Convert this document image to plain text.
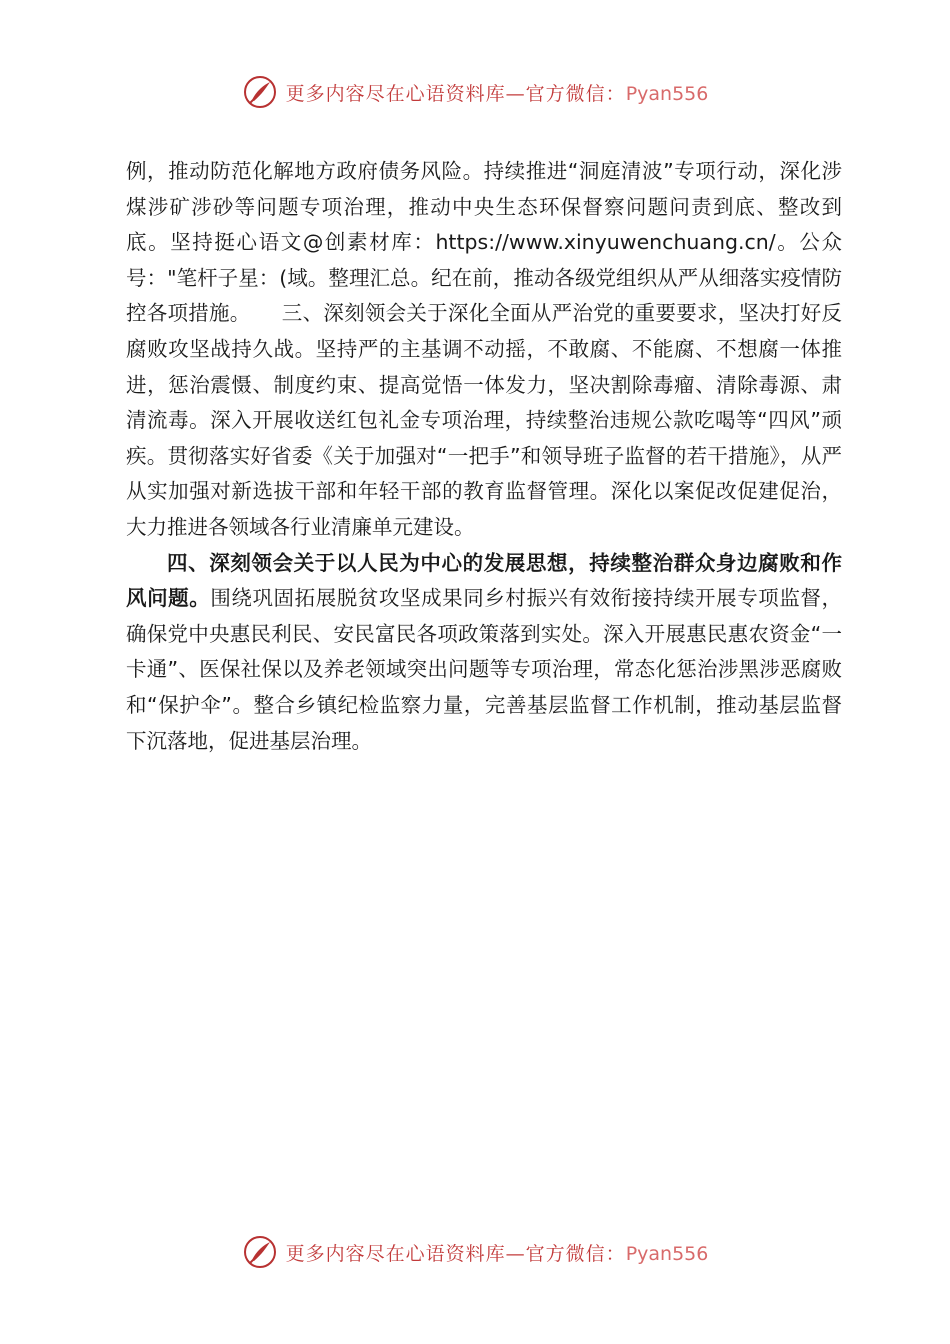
更多内容尽在心语资料库—官方微信：Pyan556

例，推动防范化解地方政府债务风险。持续推进“洞庭清波”专项行动，深化涉煤涉矿涉砂等问题专项治理，推动中央生态环保督察问题问责到底、整改到底。坚持挺心语文@创素材库：https://www.xinyuwenchuang.cn/。公众号："笔杆子星：(域。整理汇总。纪在前，推动各级党组织从严从细落实疫情防控各项措施。　　三、深刻领会关于深化全面从严治党的重要要求，坚决打好反腐败攻坚战持久战。坚持严的主基调不动摇，不敢腐、不能腐、不想腐一体推进，惩治震慑、制度约束、提高觉悟一体发力，坚决割除毒瘤、清除毒源、肃清流毒。深入开展收送红包礼金专项治理，持续整治违规公款吃喝等“四风”顽疾。贯彻落实好省委《关于加强对“一把手”和领导班子监督的若干措施》，从严从实加强对新选拔干部和年轻干部的教育监督管理。深化以案促改促建促治，大力推进各领域各行业清廉单元建设。

四、深刻领会关于以人民为中心的发展思想，持续整治群众身边腐败和作风问题。围绕巩固拓展脱贫攻坚成果同乡村振兴有效衔接持续开展专项监督，确保党中央惠民利民、安民富民各项政策落到实处。深入开展惠民惠农资金“一卡通”、医保社保以及养老领域突出问题等专项治理，常态化惩治涉黑涉恶腐败和“保护伞”。整合乡镇纪检监察力量，完善基层监督工作机制，推动基层监督下沉落地，促进基层治理。

更多内容尽在心语资料库—官方微信：Pyan556
